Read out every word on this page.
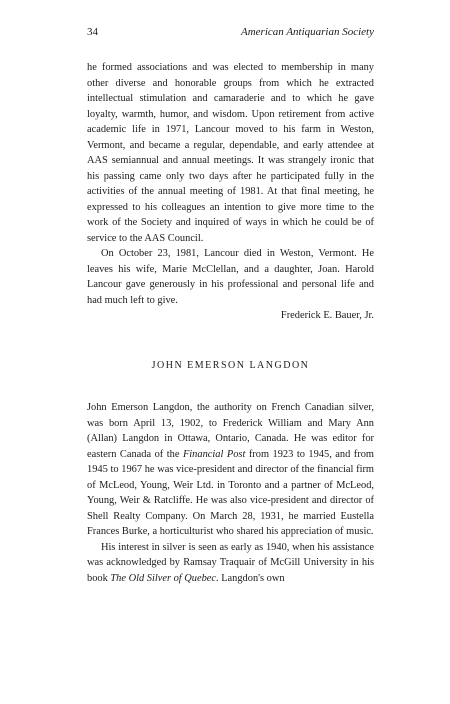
34	American Antiquarian Society

he formed associations and was elected to membership in many other diverse and honorable groups from which he extracted intellectual stimulation and camaraderie and to which he gave loyalty, warmth, humor, and wisdom. Upon retirement from active academic life in 1971, Lancour moved to his farm in Weston, Vermont, and became a regular, dependable, and early attendee at AAS semiannual and annual meetings. It was strangely ironic that his passing came only two days after he participated fully in the activities of the annual meeting of 1981. At that final meeting, he expressed to his colleagues an intention to give more time to the work of the Society and inquired of ways in which he could be of service to the AAS Council.

On October 23, 1981, Lancour died in Weston, Vermont. He leaves his wife, Marie McClellan, and a daughter, Joan. Harold Lancour gave generously in his professional and personal life and had much left to give.

Frederick E. Bauer, Jr.

JOHN EMERSON LANGDON

John Emerson Langdon, the authority on French Canadian silver, was born April 13, 1902, to Frederick William and Mary Ann (Allan) Langdon in Ottawa, Ontario, Canada. He was editor for eastern Canada of the Financial Post from 1923 to 1945, and from 1945 to 1967 he was vice-president and director of the financial firm of McLeod, Young, Weir Ltd. in Toronto and a partner of McLeod, Young, Weir & Ratcliffe. He was also vice-president and director of Shell Realty Company. On March 28, 1931, he married Eustella Frances Burke, a horticulturist who shared his appreciation of music.

His interest in silver is seen as early as 1940, when his assistance was acknowledged by Ramsay Traquair of McGill University in his book The Old Silver of Quebec. Langdon's own
